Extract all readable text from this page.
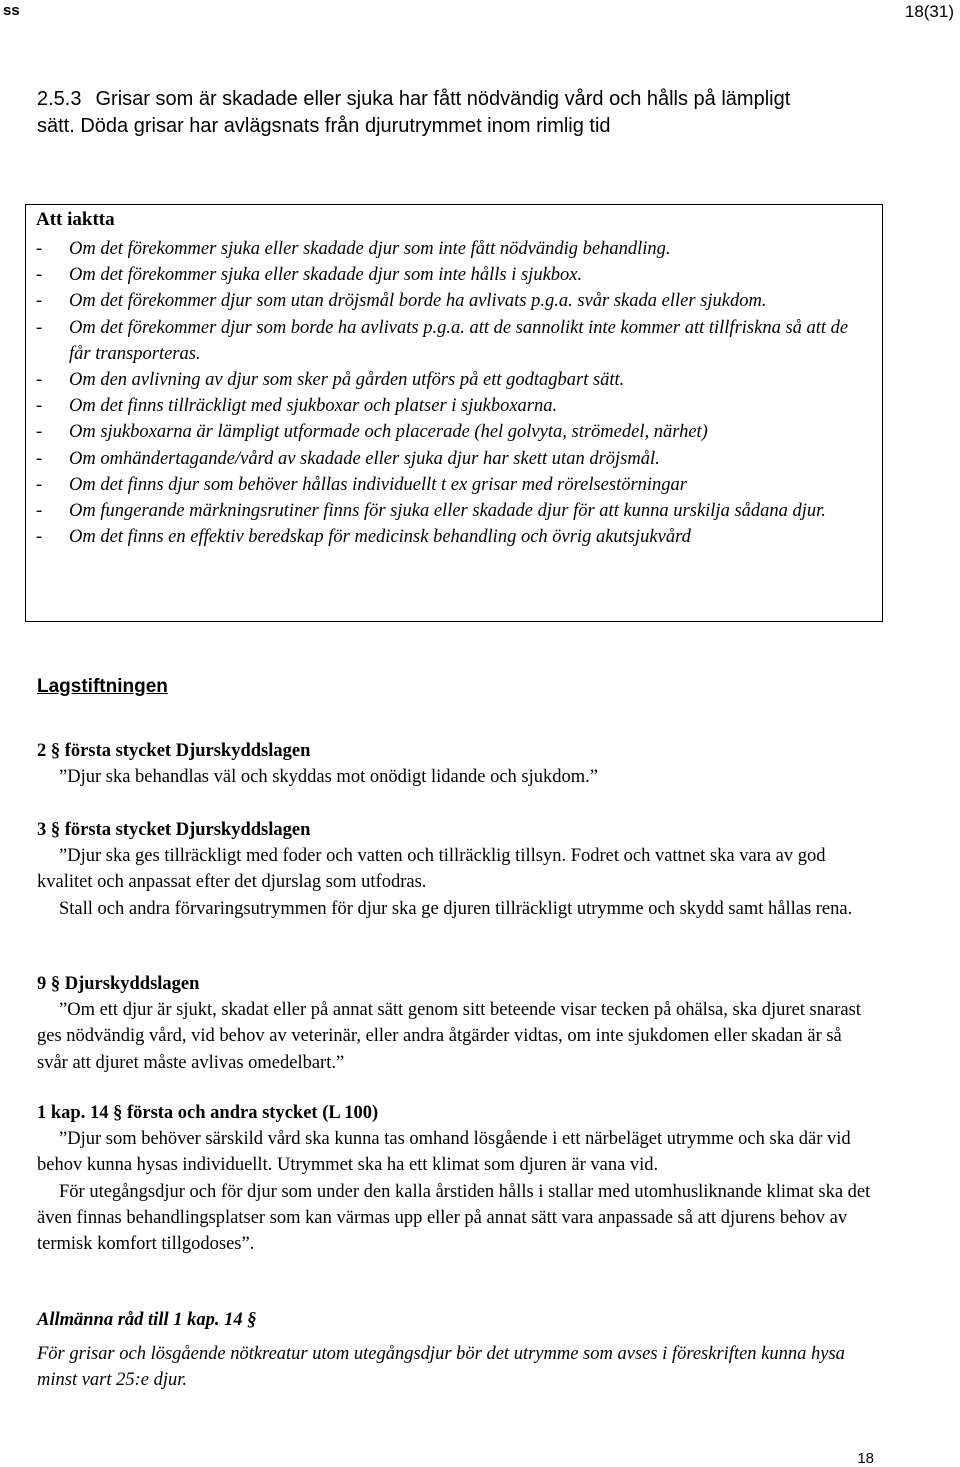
ss	18(31)
2.5.3 Grisar som är skadade eller sjuka har fått nödvändig vård och hålls på lämpligt sätt. Döda grisar har avlägsnats från djurutrymmet inom rimlig tid
Att iaktta
- Om det förekommer sjuka eller skadade djur som inte fått nödvändig behandling.
- Om det förekommer sjuka eller skadade djur som inte hålls i sjukbox.
- Om det förekommer djur som utan dröjsmål borde ha avlivats p.g.a. svår skada eller sjukdom.
- Om det förekommer djur som borde ha avlivats p.g.a. att de sannolikt inte kommer att tillfriskna så att de får transporteras.
- Om den avlivning av djur som sker på gården utförs på ett godtagbart sätt.
- Om det finns tillräckligt med sjukboxar och platser i sjukboxarna.
- Om sjukboxarna är lämpligt utformade och placerade (hel golvyta, strömedel, närhet)
- Om omhändertagande/vård av skadade eller sjuka djur har skett utan dröjsmål.
- Om det finns djur som behöver hållas individuellt t ex grisar med rörelsestörningar
- Om fungerande märkningsrutiner finns för sjuka eller skadade djur för att kunna urskilja sådana djur.
- Om det finns en effektiv beredskap för medicinsk behandling och övrig akutsjukvård
Lagstiftningen
2 § första stycket Djurskyddslagen

”Djur ska behandlas väl och skyddas mot onödigt lidande och sjukdom.”

3 § första stycket Djurskyddslagen

”Djur ska ges tillräckligt med foder och vatten och tillräcklig tillsyn. Fodret och vattnet ska vara av god kvalitet och anpassat efter det djurslag som utfodras.

Stall och andra förvaringsutrymmen för djur ska ge djuren tillräckligt utrymme och skydd samt hållas rena.

9 § Djurskyddslagen

”Om ett djur är sjukt, skadat eller på annat sätt genom sitt beteende visar tecken på ohälsa, ska djuret snarast ges nödvändig vård, vid behov av veterinär, eller andra åtgärder vidtas, om inte sjukdomen eller skadan är så svår att djuret måste avlivas omedelbart.”

1 kap. 14 § första och andra stycket (L 100)

”Djur som behöver särskild vård ska kunna tas omhand lösgående i ett närbeläget utrymme och ska där vid behov kunna hysas individuellt. Utrymmet ska ha ett klimat som djuren är vana vid.

För utegångsdjur och för djur som under den kalla årstiden hålls i stallar med utomhusliknande klimat ska det även finnas behandlingsplatser som kan värmas upp eller på annat sätt vara anpassade så att djurens behov av termisk komfort tillgodoses”.

Allmänna råd till 1 kap. 14 §

För grisar och lösgående nötkreatur utom utegångsdjur bör det utrymme som avses i föreskriften kunna hysa minst vart 25:e djur.

18
